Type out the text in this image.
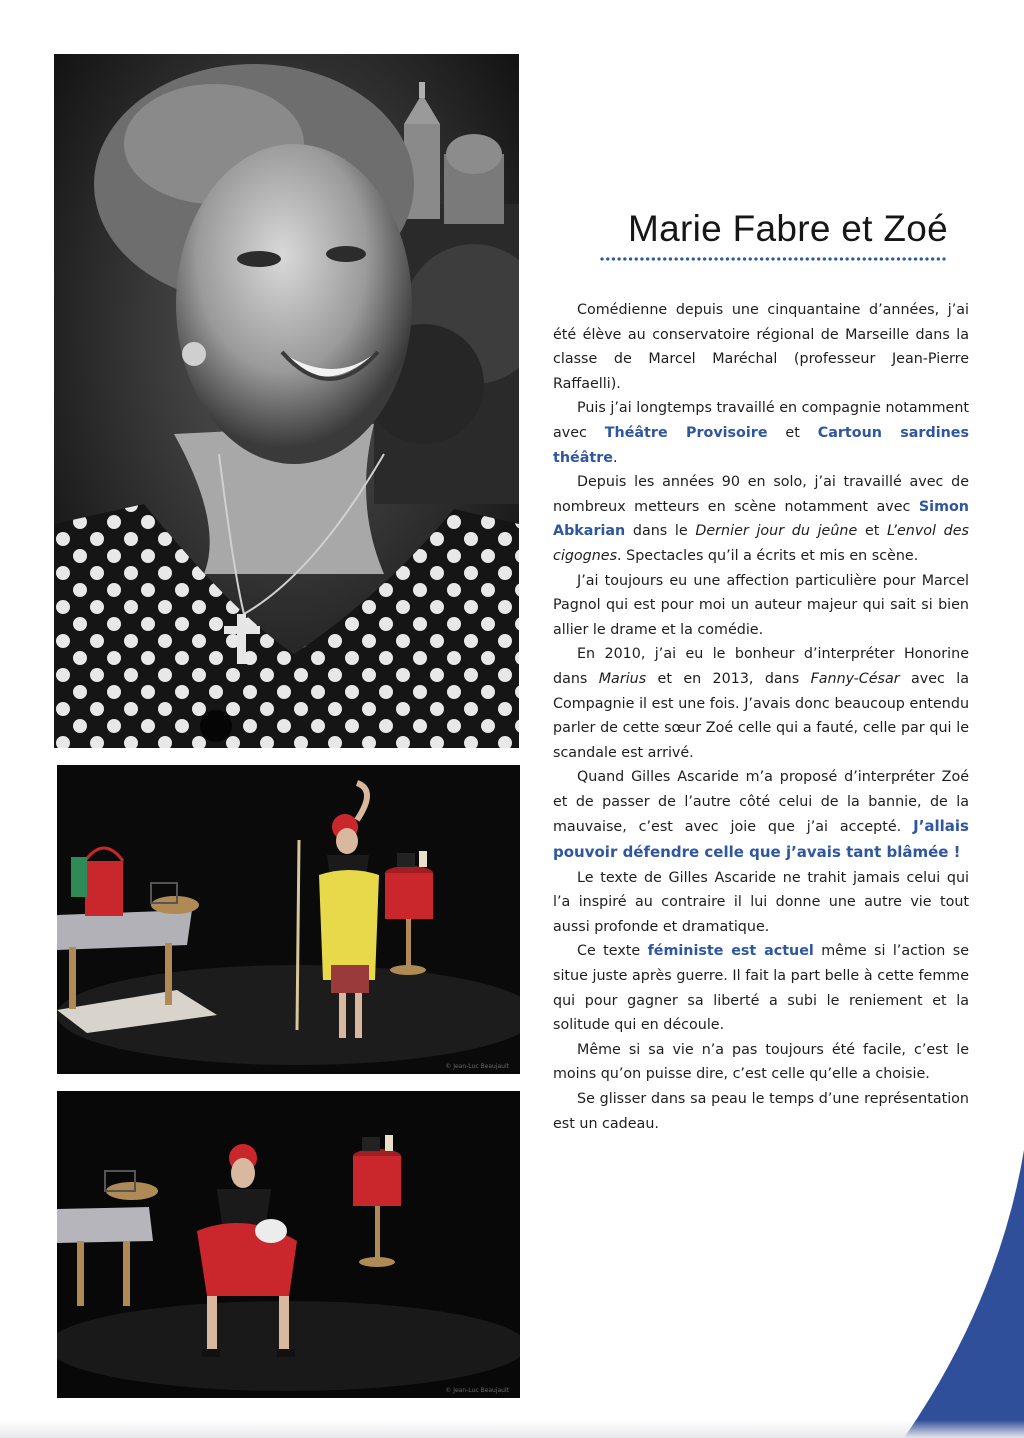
© Jean-Luc Beaujault
© Jean-Luc Beaujault
Marie Fabre et Zoé

Comédienne depuis une cinquantaine d’années, j’ai été élève au conservatoire régional de Marseille dans la classe de Marcel Maréchal (professeur Jean-Pierre Raffaelli).

Puis j’ai longtemps travaillé en compagnie notamment avec Théâtre Provisoire et Cartoun sardines théâtre.

Depuis les années 90 en solo, j’ai travaillé avec de nombreux metteurs en scène notamment avec Simon Abkarian dans le Dernier jour du jeûne et L’envol des cigognes. Spectacles qu’il a écrits et mis en scène.

J’ai toujours eu une affection particulière pour Marcel Pagnol qui est pour moi un auteur majeur qui sait si bien allier le drame et la comédie.

En 2010, j’ai eu le bonheur d’interpréter Honorine dans Marius et en 2013, dans Fanny-César avec la Compagnie il est une fois. J’avais donc beaucoup entendu parler de cette sœur Zoé celle qui a fauté, celle par qui le scandale est arrivé.

Quand Gilles Ascaride m’a proposé d’interpréter Zoé et de passer de l’autre côté celui de la bannie, de la mauvaise, c’est avec joie que j’ai accepté. J’allais pouvoir défendre celle que j’avais tant blâmée !

Le texte de Gilles Ascaride ne trahit jamais celui qui l’a inspiré au contraire il lui donne une autre vie tout aussi profonde et dramatique.

Ce texte féministe est actuel même si l’action se situe juste après guerre. Il fait la part belle à cette femme qui pour gagner sa liberté a subi le reniement et la solitude qui en découle.

Même si sa vie n’a pas toujours été facile, c’est le moins qu’on puisse dire, c’est celle qu’elle a choisie.

Se glisser dans sa peau le temps d’une représentation est un cadeau.
